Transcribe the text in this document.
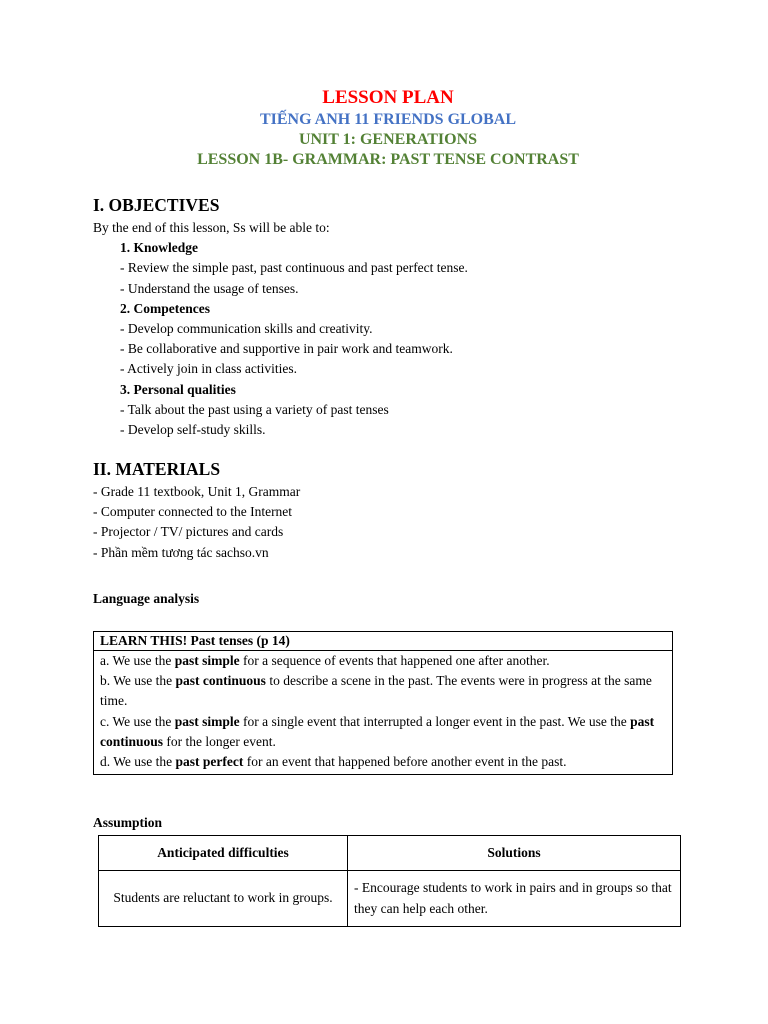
LESSON PLAN
TIẾNG ANH 11 FRIENDS GLOBAL
UNIT 1: GENERATIONS
LESSON 1B- GRAMMAR: PAST TENSE CONTRAST
I. OBJECTIVES
By the end of this lesson, Ss will be able to:
1. Knowledge
- Review the simple past, past continuous and past perfect tense.
- Understand the usage of tenses.
2. Competences
- Develop communication skills and creativity.
- Be collaborative and supportive in pair work and teamwork.
- Actively join in class activities.
3. Personal qualities
- Talk about the past using a variety of past tenses
- Develop self-study skills.
II. MATERIALS
- Grade 11 textbook, Unit 1, Grammar
- Computer connected to the Internet
- Projector / TV/ pictures and cards
- Phần mềm tương tác sachso.vn
Language analysis
LEARN THIS! Past tenses (p 14)
a. We use the past simple for a sequence of events that happened one after another.
b. We use the past continuous to describe a scene in the past. The events were in progress at the same time.
c. We use the past simple for a single event that interrupted a longer event in the past. We use the past continuous for the longer event.
d. We use the past perfect for an event that happened before another event in the past.
Assumption
Anticipated difficulties	Solutions
Students are reluctant to work in groups.	- Encourage students to work in pairs and in groups so that they can help each other.
